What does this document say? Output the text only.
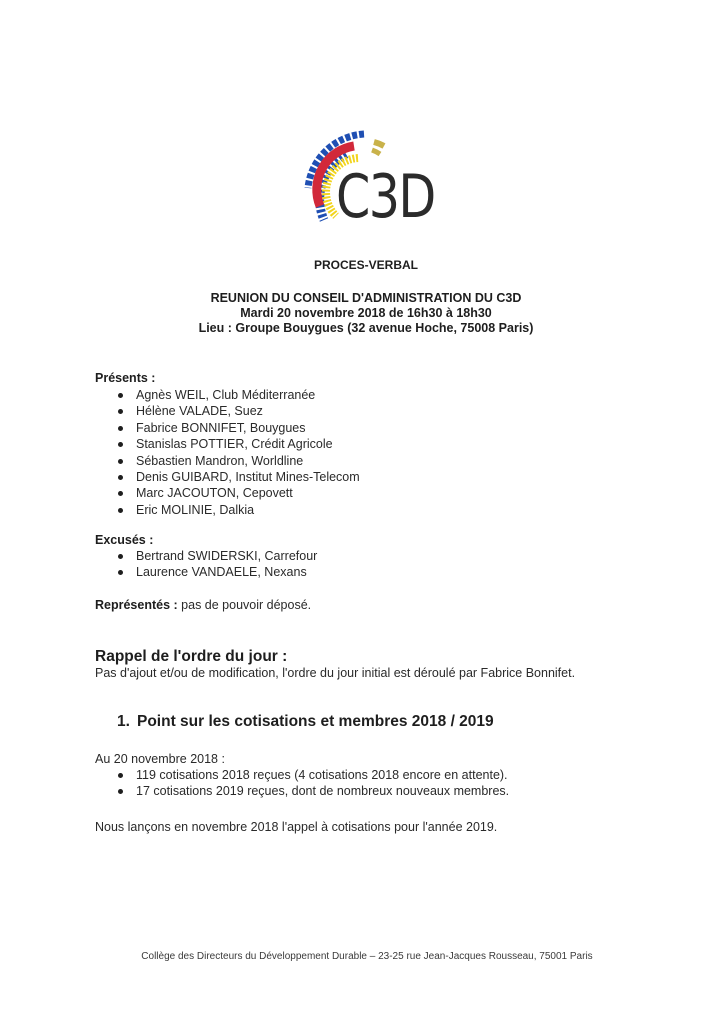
C3D
PROCES-VERBAL
REUNION DU CONSEIL D'ADMINISTRATION DU C3D
Mardi 20 novembre 2018 de 16h30 à 18h30
Lieu : Groupe Bouygues (32 avenue Hoche, 75008 Paris)
Présents :
Agnès WEIL, Club Méditerranée
Hélène VALADE, Suez
Fabrice BONNIFET, Bouygues
Stanislas POTTIER, Crédit Agricole
Sébastien Mandron, Worldline
Denis GUIBARD, Institut Mines-Telecom
Marc JACOUTON, Cepovett
Eric MOLINIE, Dalkia
Excusés :
Bertrand SWIDERSKI, Carrefour
Laurence VANDAELE, Nexans
Représentés : pas de pouvoir déposé.
Rappel de l'ordre du jour :
Pas d'ajout et/ou de modification, l'ordre du jour initial est déroulé par Fabrice Bonnifet.
1. Point sur les cotisations et membres 2018 / 2019
Au 20 novembre 2018 :
119 cotisations 2018 reçues (4 cotisations 2018 encore en attente).
17 cotisations 2019 reçues, dont de nombreux nouveaux membres.
Nous lançons en novembre 2018 l'appel à cotisations pour l'année 2019.
Collège des Directeurs du Développement Durable – 23-25 rue Jean-Jacques Rousseau, 75001 Paris
